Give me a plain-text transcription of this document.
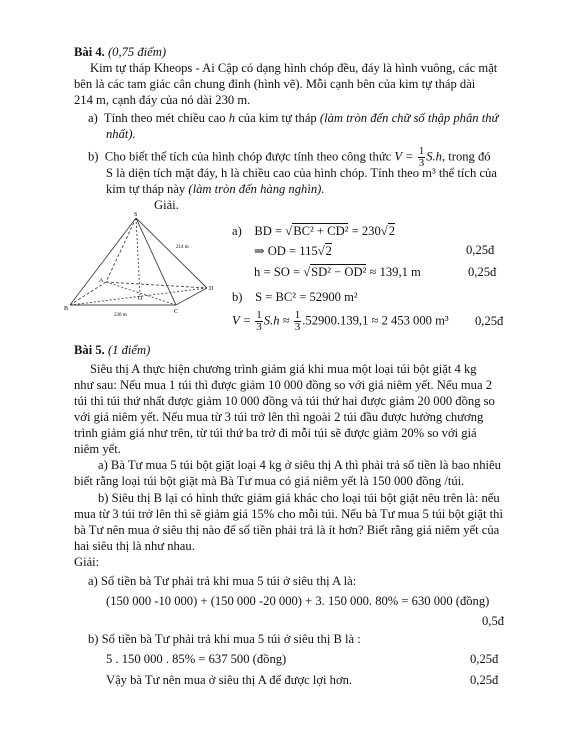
Bài 4. (0,75 điểm)
Kim tự tháp Kheops - Ai Cập có dạng hình chóp đều, đáy là hình vuông, các mặt
bên là các tam giác cân chung đỉnh (hình vẽ). Mỗi cạnh bên của kim tự tháp dài
214 m, cạnh đáy của nó dài 230 m.
a) Tính theo mét chiều cao h của kim tự tháp (làm tròn đến chữ số thập phân thứ
nhất).
b) Cho biết thể tích của hình chóp được tính theo công thức $V = \frac{1}{3} S.h$, trong đó
S là diện tích mặt đáy, h là chiều cao của hình chóp. Tính theo m³ thể tích của
kim tự tháp này (làm tròn đến hàng nghìn).
Giải.
S
A
B	C
D
O
214 m
230 m
a) BD = √BC² + CD² = 230√2
⇒ OD = 115√2	0,25đ
h = SO = √SD² − OD² ≈ 139,1 m	0,25đ
b) S = BC² = 52900 m²
$V = \frac{1}{3} S.h \approx \frac{1}{3} .52900.139,1 \approx 2$ 453 000 m³ 0,25đ
Bài 5. (1 điểm)
Siêu thị A thực hiện chương trình giảm giá khi mua một loại túi bột giặt 4 kg
như sau: Nếu mua 1 túi thì được giảm 10 000 đồng so với giá niêm yết. Nếu mua 2
túi thì túi thứ nhất được giảm 10 000 đồng và túi thứ hai được giảm 20 000 đồng so
với giá niêm yết. Nếu mua từ 3 túi trở lên thì ngoài 2 túi đầu được hưởng chương
trình giảm giá như trên, từ túi thứ ba trở đi mỗi túi sẽ được giảm 20% so với giá
niêm yết.
a) Bà Tư mua 5 túi bột giặt loại 4 kg ở siêu thị A thì phải trả số tiền là bao nhiêu
biết rằng loại túi bột giặt mà Bà Tư mua có giá niêm yết là 150 000 đồng /túi.
b) Siêu thị B lại có hình thức giảm giá khác cho loại túi bột giặt nêu trên là: nếu
mua từ 3 túi trở lên thì sẽ giảm giá 15% cho mỗi túi. Nếu bà Tư mua 5 túi bột giặt thì
bà Tư nên mua ở siêu thị nào để số tiền phải trả là ít hơn? Biết rằng giá niêm yết của
hai siêu thị là như nhau.
Giải:
a) Số tiền bà Tư phải trả khi mua 5 túi ở siêu thị A là:
(150 000 -10 000) + (150 000 -20 000) + 3. 150 000. 80% = 630 000 (đồng)
0,5đ
b) Số tiền bà Tư phải trả khi mua 5 túi ở siêu thị B là :
5 . 150 000 . 85% = 637 500 (đồng)	0,25đ
Vậy bà Tư nên mua ở siêu thị A để được lợi hơn.	0,25đ
